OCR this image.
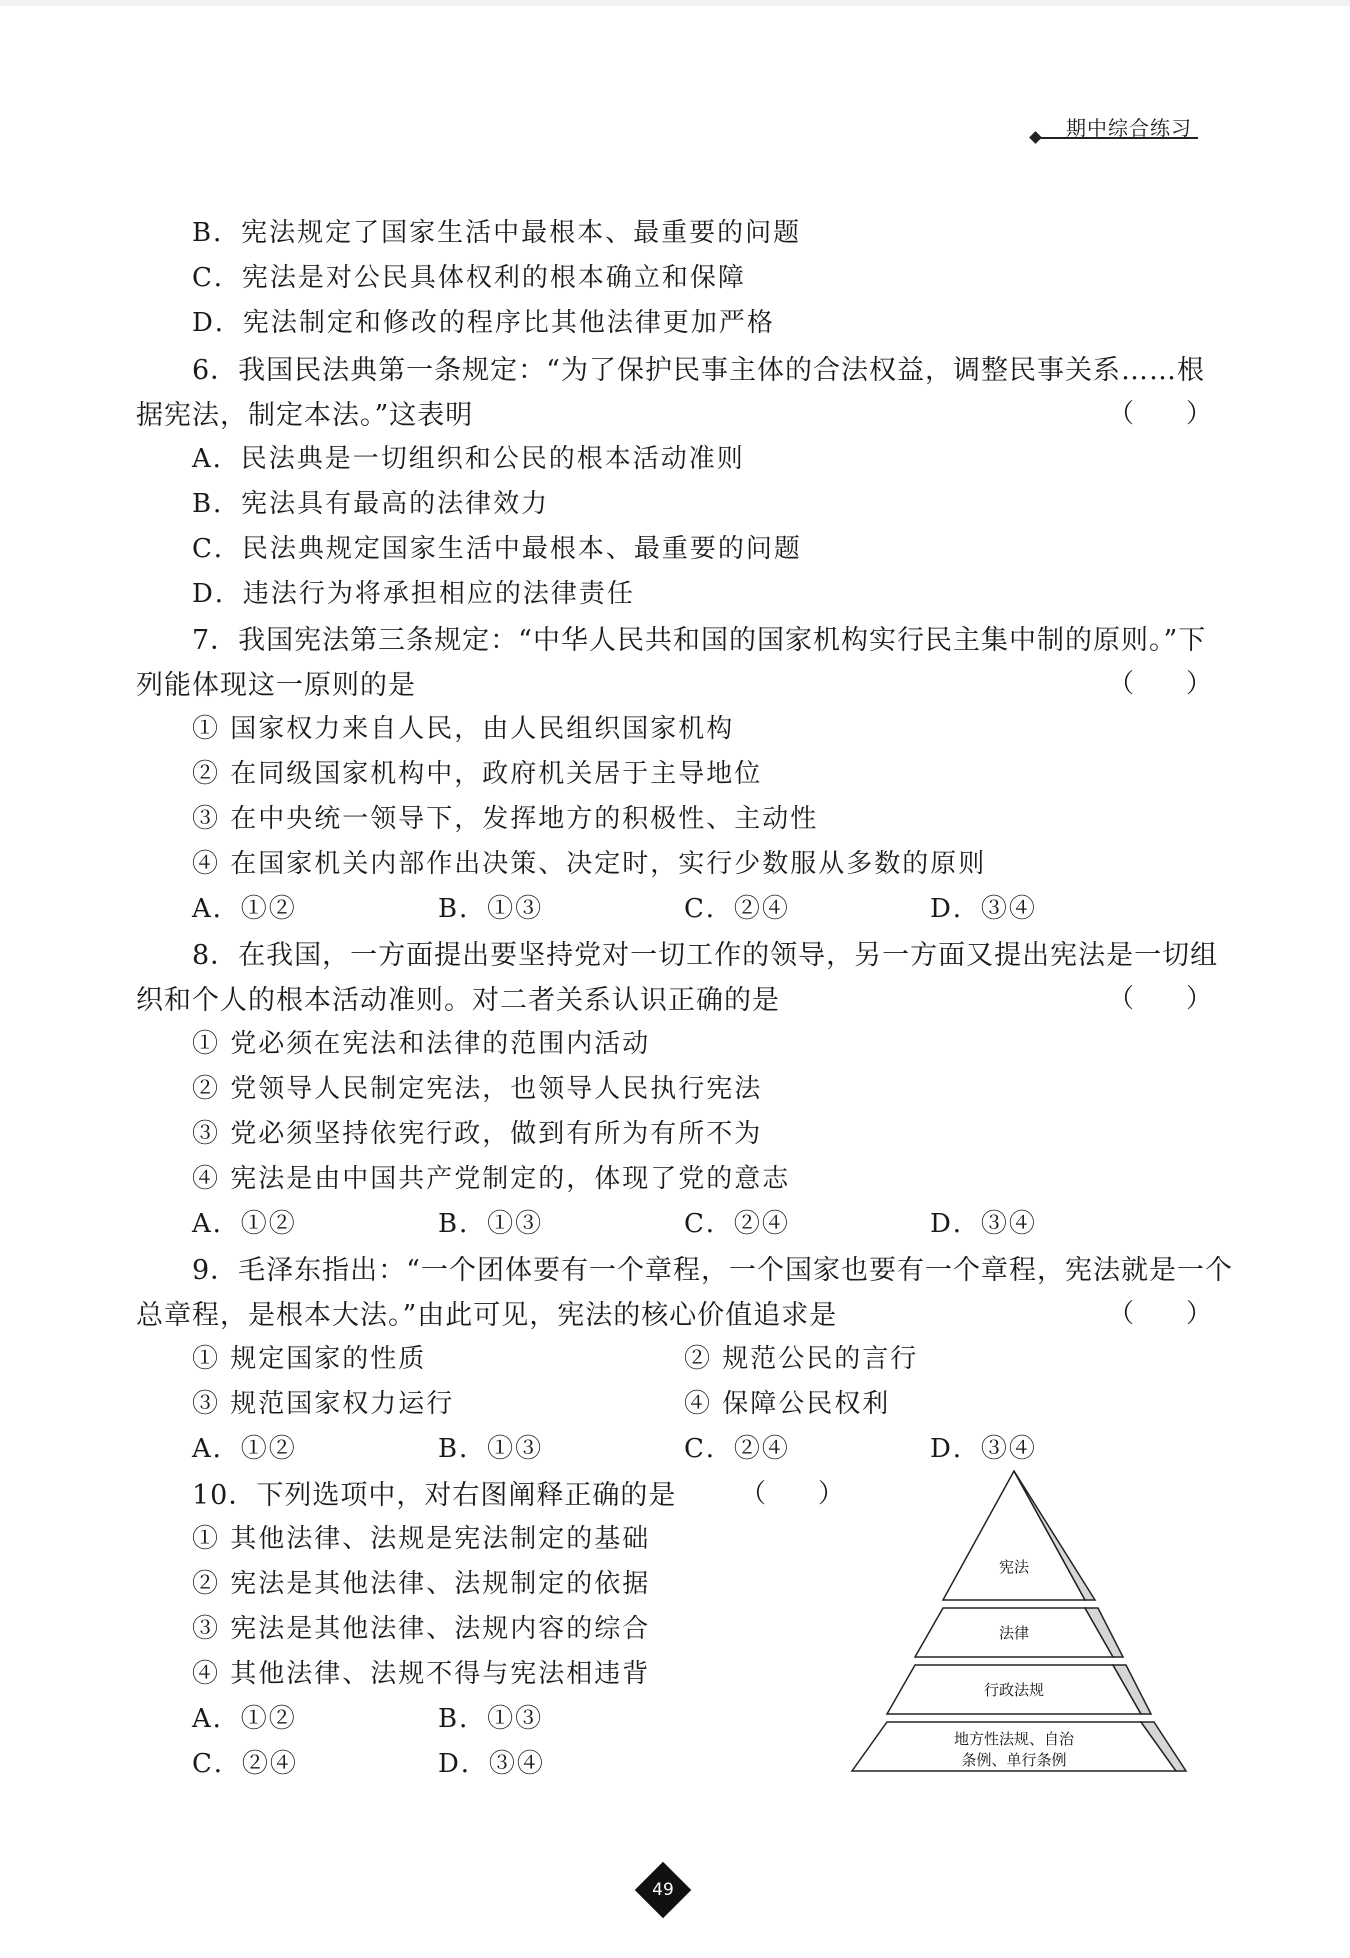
期中综合练习
B．宪法规定了国家生活中最根本、最重要的问题
C．宪法是对公民具体权利的根本确立和保障
D．宪法制定和修改的程序比其他法律更加严格
6．我国民法典第一条规定：“为了保护民事主体的合法权益，调整民事关系……根
据宪法，制定本法。”这表明	（　　）
A．民法典是一切组织和公民的根本活动准则
B．宪法具有最高的法律效力
C．民法典规定国家生活中最根本、最重要的问题
D．违法行为将承担相应的法律责任
7．我国宪法第三条规定：“中华人民共和国的国家机构实行民主集中制的原则。”下
列能体现这一原则的是	（　　）
① 国家权力来自人民，由人民组织国家机构
② 在同级国家机构中，政府机关居于主导地位
③ 在中央统一领导下，发挥地方的积极性、主动性
④ 在国家机关内部作出决策、决定时，实行少数服从多数的原则
A．①②	B．①③	C．②④	D．③④
8．在我国，一方面提出要坚持党对一切工作的领导，另一方面又提出宪法是一切组
织和个人的根本活动准则。对二者关系认识正确的是	（　　）
① 党必须在宪法和法律的范围内活动
② 党领导人民制定宪法，也领导人民执行宪法
③ 党必须坚持依宪行政，做到有所为有所不为
④ 宪法是由中国共产党制定的，体现了党的意志
A．①②	B．①③	C．②④	D．③④
9．毛泽东指出：“一个团体要有一个章程，一个国家也要有一个章程，宪法就是一个
总章程，是根本大法。”由此可见，宪法的核心价值追求是	（　　）
① 规定国家的性质	② 规范公民的言行
③ 规范国家权力运行	④ 保障公民权利
A．①②	B．①③	C．②④	D．③④
10．下列选项中，对右图阐释正确的是 （　　）
① 其他法律、法规是宪法制定的基础
② 宪法是其他法律、法规制定的依据
③ 宪法是其他法律、法规内容的综合
④ 其他法律、法规不得与宪法相违背
A．①②	B．①③
C．②④	D．③④
宪法
法律
行政法规
地方性法规、自治
条例、单行条例
49
